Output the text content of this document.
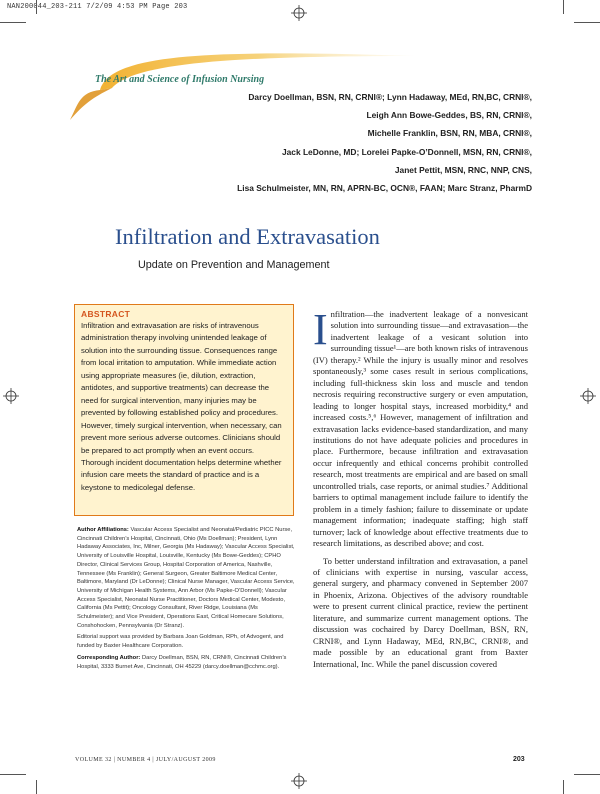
NAN200044_203-211 7/2/09 4:53 PM Page 203
The Art and Science of Infusion Nursing
Darcy Doellman, BSN, RN, CRNI®; Lynn Hadaway, MEd, RN,BC, CRNI®,
Leigh Ann Bowe-Geddes, BS, RN, CRNI®,
Michelle Franklin, BSN, RN, MBA, CRNI®,
Jack LeDonne, MD; Lorelei Papke-O’Donnell, MSN, RN, CRNI®,
Janet Pettit, MSN, RNC, NNP, CNS,
Lisa Schulmeister, MN, RN, APRN-BC, OCN®, FAAN; Marc Stranz, PharmD
Infiltration and Extravasation
Update on Prevention and Management
ABSTRACT
Infiltration and extravasation are risks of intravenous administration therapy involving unintended leakage of solution into the surrounding tissue. Consequences range from local irritation to amputation. While immediate action using appropriate measures (ie, dilution, extraction, antidotes, and supportive treatments) can decrease the need for surgical intervention, many injuries may be prevented by following established policy and procedures. However, timely surgical intervention, when necessary, can prevent more serious adverse outcomes. Clinicians should be prepared to act promptly when an event occurs. Thorough incident documentation helps determine whether infusion care meets the standard of practice and is a keystone to medicolegal defense.

Author Affiliations: Vascular Access Specialist and Neonatal/Pediatric PICC Nurse, Cincinnati Children’s Hospital, Cincinnati, Ohio (Ms Doellman); President, Lynn Hadaway Associates, Inc, Milner, Georgia (Ms Hadaway); Vascular Access Specialist, University of Louisville Hospital, Louisville, Kentucky (Ms Bowe-Geddes); CPHO Director, Clinical Services Group, Hospital Corporation of America, Nashville, Tennessee (Ms Franklin); General Surgeon, Greater Baltimore Medical Center, Baltimore, Maryland (Dr LeDonne); Clinical Nurse Manager, Vascular Access Service, University of Michigan Health Systems, Ann Arbor (Ms Papke-O’Donnell); Vascular Access Specialist, Neonatal Nurse Practitioner, Doctors Medical Center, Modesto, California (Ms Pettit); Oncology Consultant, River Ridge, Louisiana (Ms Schulmeister); and Vice President, Operations East, Critical Homecare Solutions, Conshohocken, Pennsylvania (Dr Stranz).

Editorial support was provided by Barbara Joan Goldman, RPh, of Advogent, and funded by Baxter Healthcare Corporation.

Corresponding Author: Darcy Doellman, BSN, RN, CRNI®, Cincinnati Children’s Hospital, 3333 Burnet Ave, Cincinnati, OH 45229 (darcy.doellman@cchmc.org).

Infiltration—the inadvertent leakage of a nonvesicant solution into surrounding tissue—and extravasation—the inadvertent leakage of a vesicant solution into surrounding tissue¹—are both known risks of intravenous (IV) therapy.² While the injury is usually minor and resolves spontaneously,³ some cases result in serious complications, including full-thickness skin loss and muscle and tendon necrosis requiring reconstructive surgery or even amputation, leading to longer hospital stays, increased morbidity,⁴ and increased costs.⁵,⁶ However, management of infiltration and extravasation lacks evidence-based standardization, and many institutions do not have adequate policies and procedures in place. Furthermore, because infiltration and extravasation occur infrequently and ethical concerns prohibit controlled research, most treatments are empirical and are based on small uncontrolled trials, case reports, or animal studies.⁷ Additional barriers to optimal management include failure to identify the problem in a timely fashion; failure to disseminate or update management information; inadequate staffing; high staff turnover; lack of knowledge about effective treatments due to research limitations, as described above; and cost.

To better understand infiltration and extravasation, a panel of clinicians with expertise in nursing, vascular access, general surgery, and pharmacy convened in September 2007 in Phoenix, Arizona. Objectives of the advisory roundtable were to present current clinical practice, review the pertinent literature, and summarize current management options. The discussion was cochaired by Darcy Doellman, BSN, RN, CRNI®, and Lynn Hadaway, MEd, RN,BC, CRNI®, and made possible by an educational grant from Baxter International, Inc. While the panel discussion covered

VOLUME 32 | NUMBER 4 | JULY/AUGUST 2009	203
